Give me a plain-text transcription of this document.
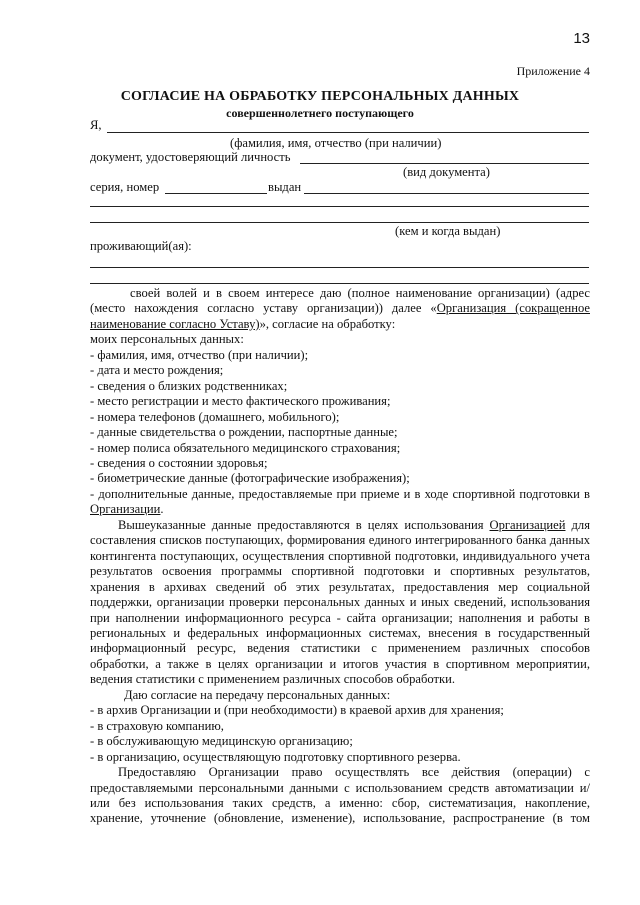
13
Приложение 4
СОГЛАСИЕ НА ОБРАБОТКУ ПЕРСОНАЛЬНЫХ ДАННЫХ
совершеннолетнего поступающего
Я,
(фамилия, имя, отчество (при наличии)
документ, удостоверяющий личность
(вид документа)
серия, номер	выдан
(кем и когда выдан)
проживающий(ая):

своей волей и в своем интересе даю (полное наименование организации) (адрес (место нахождения согласно уставу организации)) далее «Организация (сокращенное наименование согласно Уставу)», согласие на обработку:

моих персональных данных:

- фамилия, имя, отчество (при наличии);

- дата и место рождения;

- сведения о близких родственниках;

- место регистрации и место фактического проживания;

- номера телефонов (домашнего, мобильного);

- данные свидетельства о рождении, паспортные данные;

- номер полиса обязательного медицинского страхования;

- сведения о состоянии здоровья;

- биометрические данные (фотографические изображения);

- дополнительные данные, предоставляемые при приеме и в ходе спортивной подготовки в Организации.

Вышеуказанные данные предоставляются в целях использования Организацией для составления списков поступающих, формирования единого интегрированного банка данных контингента поступающих, осуществления спортивной подготовки, индивидуального учета результатов освоения программы спортивной подготовки и спортивных результатов, хранения в архивах сведений об этих результатах, предоставления мер социальной поддержки, организации проверки персональных данных и иных сведений, использования при наполнении информационного ресурса - сайта организации; наполнения и работы в региональных и федеральных информационных системах, внесения в государственный информационный ресурс, ведения статистики с применением различных способов обработки, а также в целях организации и итогов участия в спортивном мероприятии, ведения статистики с применением различных способов обработки.

Даю согласие на передачу персональных данных:

- в архив Организации и (при необходимости) в краевой архив для хранения;

- в страховую компанию,

- в обслуживающую медицинскую организацию;

- в организацию, осуществляющую подготовку спортивного резерва.

Предоставляю Организации право осуществлять все действия (операции) с предоставляемыми персональными данными с использованием средств автоматизации и/или без использования таких средств, а именно: сбор, систематизация, накопление, хранение, уточнение (обновление, изменение), использование, распространение (в том
